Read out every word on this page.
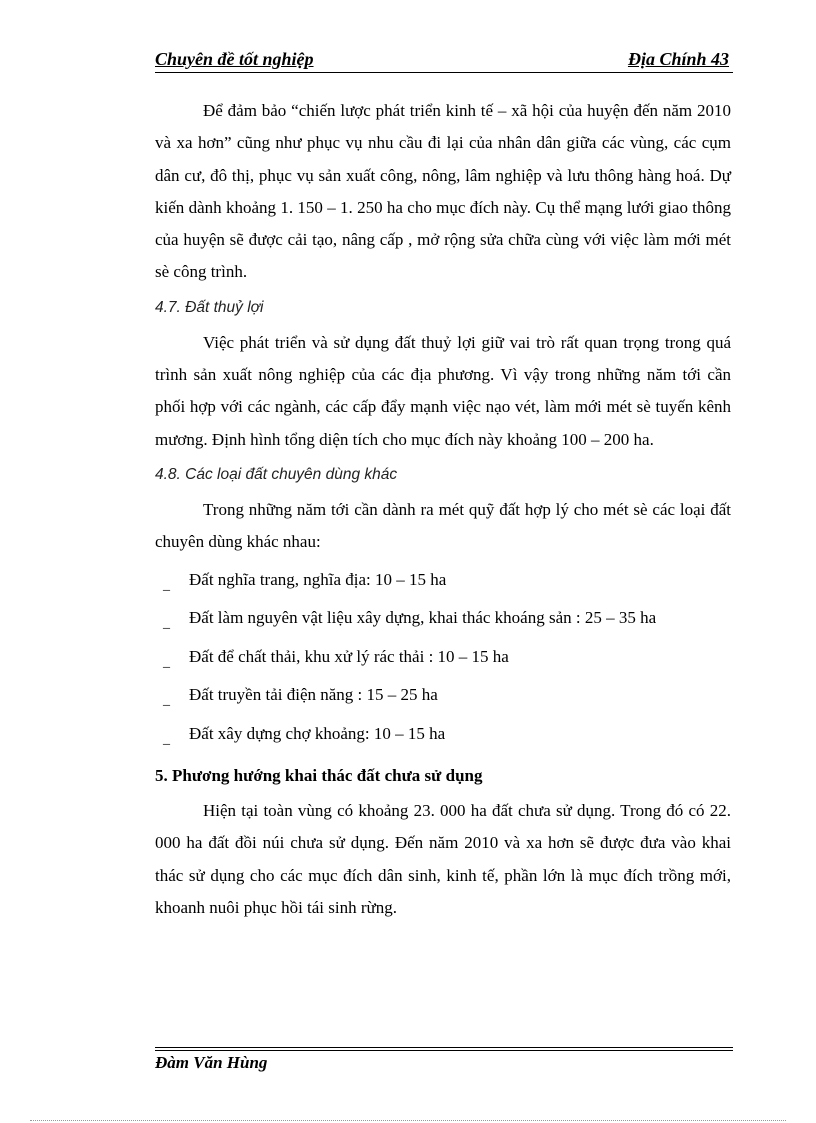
Chuyên đề tốt nghiệp	Địa Chính 43

Để đảm bảo “chiến lược phát triển kinh tế – xã hội của huyện đến năm 2010 và xa hơn” cũng như phục vụ nhu cầu đi lại của nhân dân giữa các vùng, các cụm dân cư, đô thị, phục vụ sản xuất công, nông, lâm nghiệp và lưu thông hàng hoá. Dự kiến dành khoảng 1. 150 – 1. 250 ha cho mục đích này. Cụ thể mạng lưới giao thông của huyện sẽ được cải tạo, nâng cấp , mở rộng sửa chữa cùng với việc làm mới mét sè công trình.

4.7. Đất thuỷ lợi

Việc phát triển và sử dụng đất thuỷ lợi giữ vai trò rất quan trọng trong quá trình sản xuất nông nghiệp của các địa phương. Vì vậy trong những năm tới cần phối hợp với các ngành, các cấp đẩy mạnh việc nạo vét, làm mới mét sè tuyến kênh mương. Định hình tổng diện tích cho mục đích này khoảng 100 – 200 ha.

4.8. Các loại đất chuyên dùng khác

Trong những năm tới cần dành ra mét quỹ đất hợp lý cho mét sè các loại đất chuyên dùng khác nhau:

_ Đất nghĩa trang, nghĩa địa: 10 – 15 ha
_ Đất làm nguyên vật liệu xây dựng, khai thác khoáng sản : 25 – 35 ha
_ Đất để chất thải, khu xử lý rác thải : 10 – 15 ha
_ Đất truyền tải điện năng : 15 – 25 ha
_ Đất xây dựng chợ khoảng: 10 – 15 ha
5. Phương hướng khai thác đất chưa sử dụng

Hiện tại toàn vùng có khoảng 23. 000 ha đất chưa sử dụng. Trong đó có 22. 000 ha đất đồi núi chưa sử dụng. Đến năm 2010 và xa hơn sẽ được đưa vào khai thác sử dụng cho các mục đích dân sinh, kinh tế, phần lớn là mục đích trồng mới, khoanh nuôi phục hồi tái sinh rừng.

Đàm Văn Hùng
